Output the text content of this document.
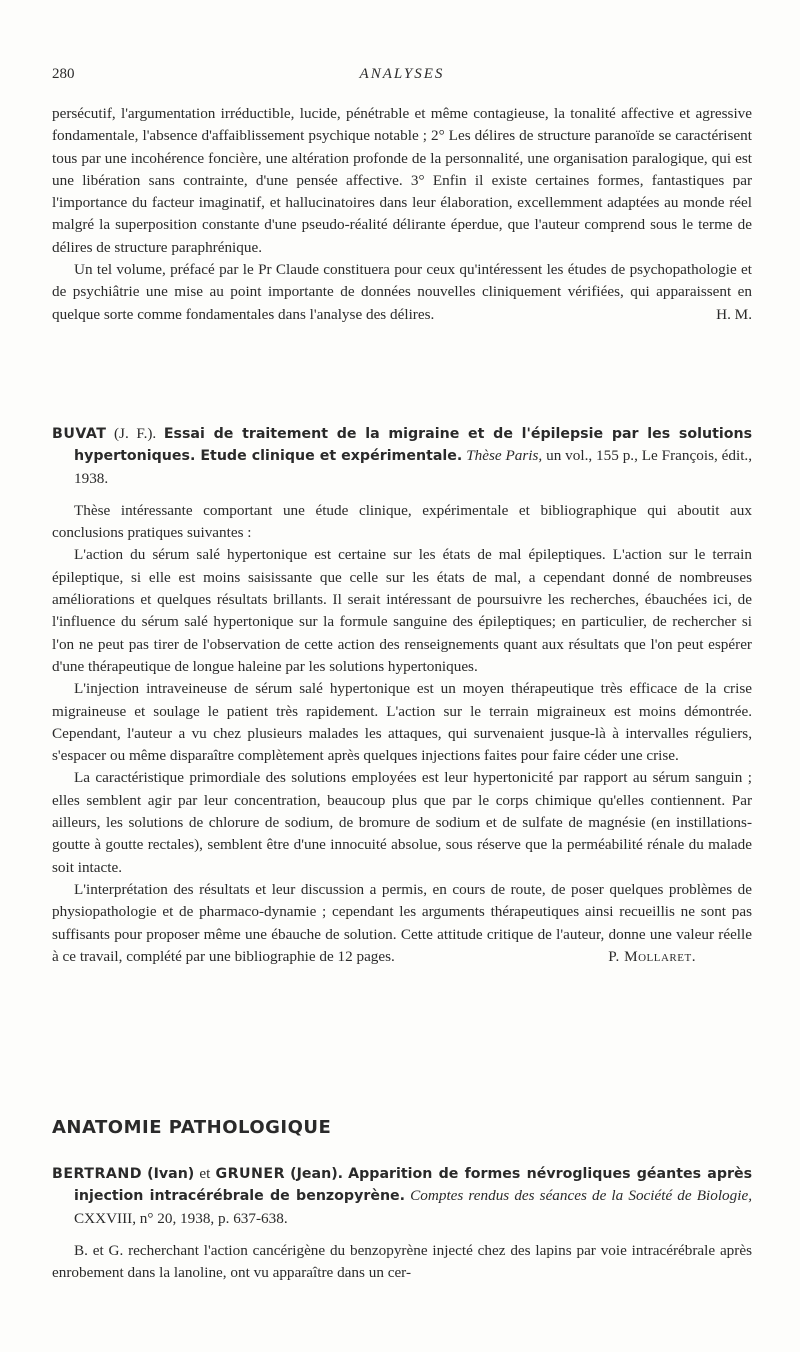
280	ANALYSES

persécutif, l'argumentation irréductible, lucide, pénétrable et même contagieuse, la tonalité affective et agressive fondamentale, l'absence d'affaiblissement psychique notable ; 2° Les délires de structure paranoïde se caractérisent tous par une incohérence foncière, une altération profonde de la personnalité, une organisation paralogique, qui est une libération sans contrainte, d'une pensée affective. 3° Enfin il existe certaines formes, fantastiques par l'importance du facteur imaginatif, et hallucinatoires dans leur élaboration, excellemment adaptées au monde réel malgré la superposition constante d'une pseudo-réalité délirante éperdue, que l'auteur comprend sous le terme de délires de structure paraphrénique.

Un tel volume, préfacé par le Pr Claude constituera pour ceux qu'intéressent les études de psychopathologie et de psychiâtrie une mise au point importante de données nouvelles cliniquement vérifiées, qui apparaissent en quelque sorte comme fondamentales dans l'analyse des délires.	H. M.

BUVAT (J. F.). Essai de traitement de la migraine et de l'épilepsie par les solutions hypertoniques. Etude clinique et expérimentale. Thèse Paris, un vol., 155 p., Le François, édit., 1938.

Thèse intéressante comportant une étude clinique, expérimentale et bibliographique qui aboutit aux conclusions pratiques suivantes :

L'action du sérum salé hypertonique est certaine sur les états de mal épileptiques. L'action sur le terrain épileptique, si elle est moins saisissante que celle sur les états de mal, a cependant donné de nombreuses améliorations et quelques résultats brillants. Il serait intéressant de poursuivre les recherches, ébauchées ici, de l'influence du sérum salé hypertonique sur la formule sanguine des épileptiques; en particulier, de rechercher si l'on ne peut pas tirer de l'observation de cette action des renseignements quant aux résultats que l'on peut espérer d'une thérapeutique de longue haleine par les solutions hypertoniques.

L'injection intraveineuse de sérum salé hypertonique est un moyen thérapeutique très efficace de la crise migraineuse et soulage le patient très rapidement. L'action sur le terrain migraineux est moins démontrée. Cependant, l'auteur a vu chez plusieurs malades les attaques, qui survenaient jusque-là à intervalles réguliers, s'espacer ou même disparaître complètement après quelques injections faites pour faire céder une crise.

La caractéristique primordiale des solutions employées est leur hypertonicité par rapport au sérum sanguin ; elles semblent agir par leur concentration, beaucoup plus que par le corps chimique qu'elles contiennent. Par ailleurs, les solutions de chlorure de sodium, de bromure de sodium et de sulfate de magnésie (en instillations-goutte à goutte rectales), semblent être d'une innocuité absolue, sous réserve que la perméabilité rénale du malade soit intacte.

L'interprétation des résultats et leur discussion a permis, en cours de route, de poser quelques problèmes de physiopathologie et de pharmaco-dynamie ; cependant les arguments thérapeutiques ainsi recueillis ne sont pas suffisants pour proposer même une ébauche de solution. Cette attitude critique de l'auteur, donne une valeur réelle à ce travail, complété par une bibliographie de 12 pages.	P. Mollaret.

ANATOMIE PATHOLOGIQUE

BERTRAND (Ivan) et GRUNER (Jean). Apparition de formes névrogliques géantes après injection intracérébrale de benzopyrène. Comptes rendus des séances de la Société de Biologie, CXXVIII, n° 20, 1938, p. 637-638.

B. et G. recherchant l'action cancérigène du benzopyrène injecté chez des lapins par voie intracérébrale après enrobement dans la lanoline, ont vu apparaître dans un cer-
